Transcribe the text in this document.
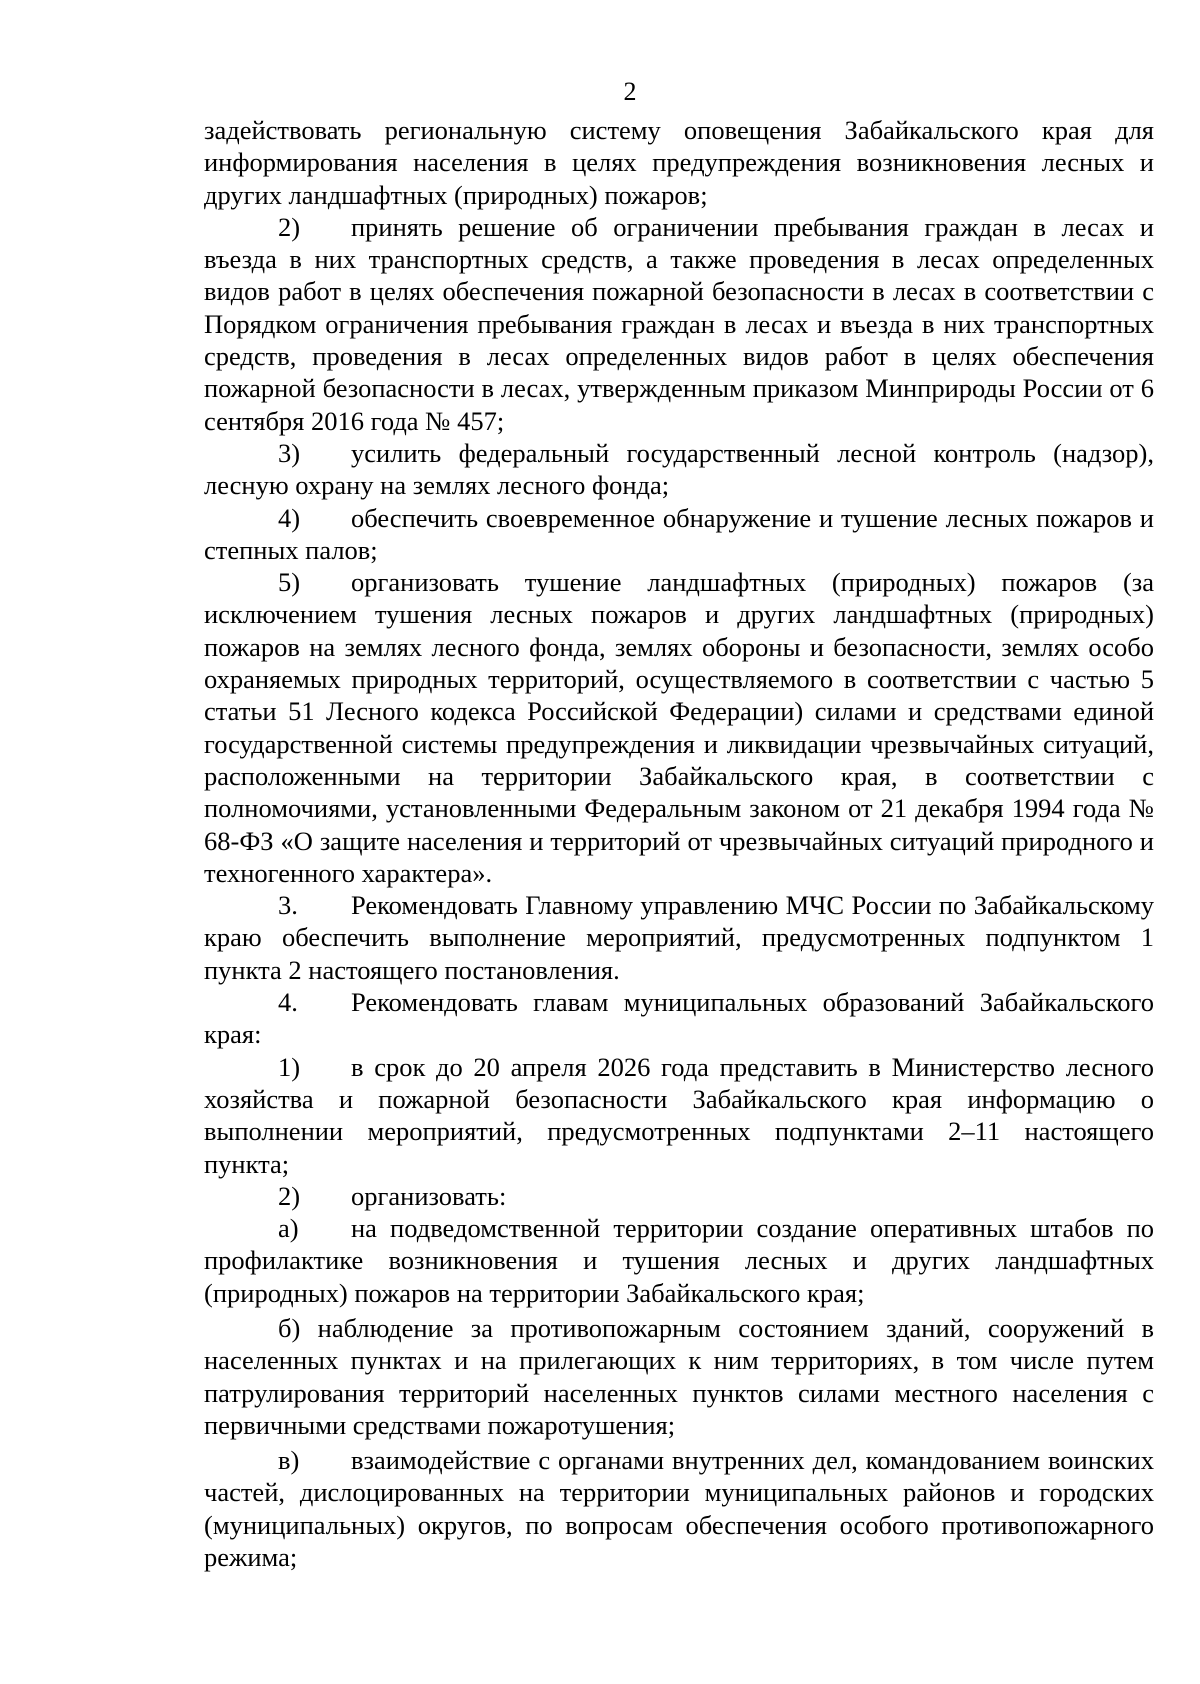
2

задействовать региональную систему оповещения Забайкальского края для информирования населения в целях предупреждения возникновения лесных и других ландшафтных (природных) пожаров;

2) принять решение об ограничении пребывания граждан в лесах и въезда в них транспортных средств, а также проведения в лесах определенных видов работ в целях обеспечения пожарной безопасности в лесах в соответствии с Порядком ограничения пребывания граждан в лесах и въезда в них транспортных средств, проведения в лесах определенных видов работ в целях обеспечения пожарной безопасности в лесах, утвержденным приказом Минприроды России от 6 сентября 2016 года № 457;

3) усилить федеральный государственный лесной контроль (надзор), лесную охрану на землях лесного фонда;

4) обеспечить своевременное обнаружение и тушение лесных пожаров и степных палов;

5) организовать тушение ландшафтных (природных) пожаров (за исключением тушения лесных пожаров и других ландшафтных (природных) пожаров на землях лесного фонда, землях обороны и безопасности, землях особо охраняемых природных территорий, осуществляемого в соответствии с частью 5 статьи 51 Лесного кодекса Российской Федерации) силами и средствами единой государственной системы предупреждения и ликвидации чрезвычайных ситуаций, расположенными на территории Забайкальского края, в соответствии с полномочиями, установленными Федеральным законом от 21 декабря 1994 года № 68-ФЗ «О защите населения и территорий от чрезвычайных ситуаций природного и техногенного характера».

3. Рекомендовать Главному управлению МЧС России по Забайкальскому краю обеспечить выполнение мероприятий, предусмотренных подпунктом 1 пункта 2 настоящего постановления.

4. Рекомендовать главам муниципальных образований Забайкальского края:

1) в срок до 20 апреля 2026 года представить в Министерство лесного хозяйства и пожарной безопасности Забайкальского края информацию о выполнении мероприятий, предусмотренных подпунктами 2–11 настоящего пункта;

2) организовать:

а) на подведомственной территории создание оперативных штабов по профилактике возникновения и тушения лесных и других ландшафтных (природных) пожаров на территории Забайкальского края;

б) наблюдение за противопожарным состоянием зданий, сооружений в населенных пунктах и на прилегающих к ним территориях, в том числе путем патрулирования территорий населенных пунктов силами местного населения с первичными средствами пожаротушения;

в) взаимодействие с органами внутренних дел, командованием воинских частей, дислоцированных на территории муниципальных районов и городских (муниципальных) округов, по вопросам обеспечения особого противопожарного режима;
